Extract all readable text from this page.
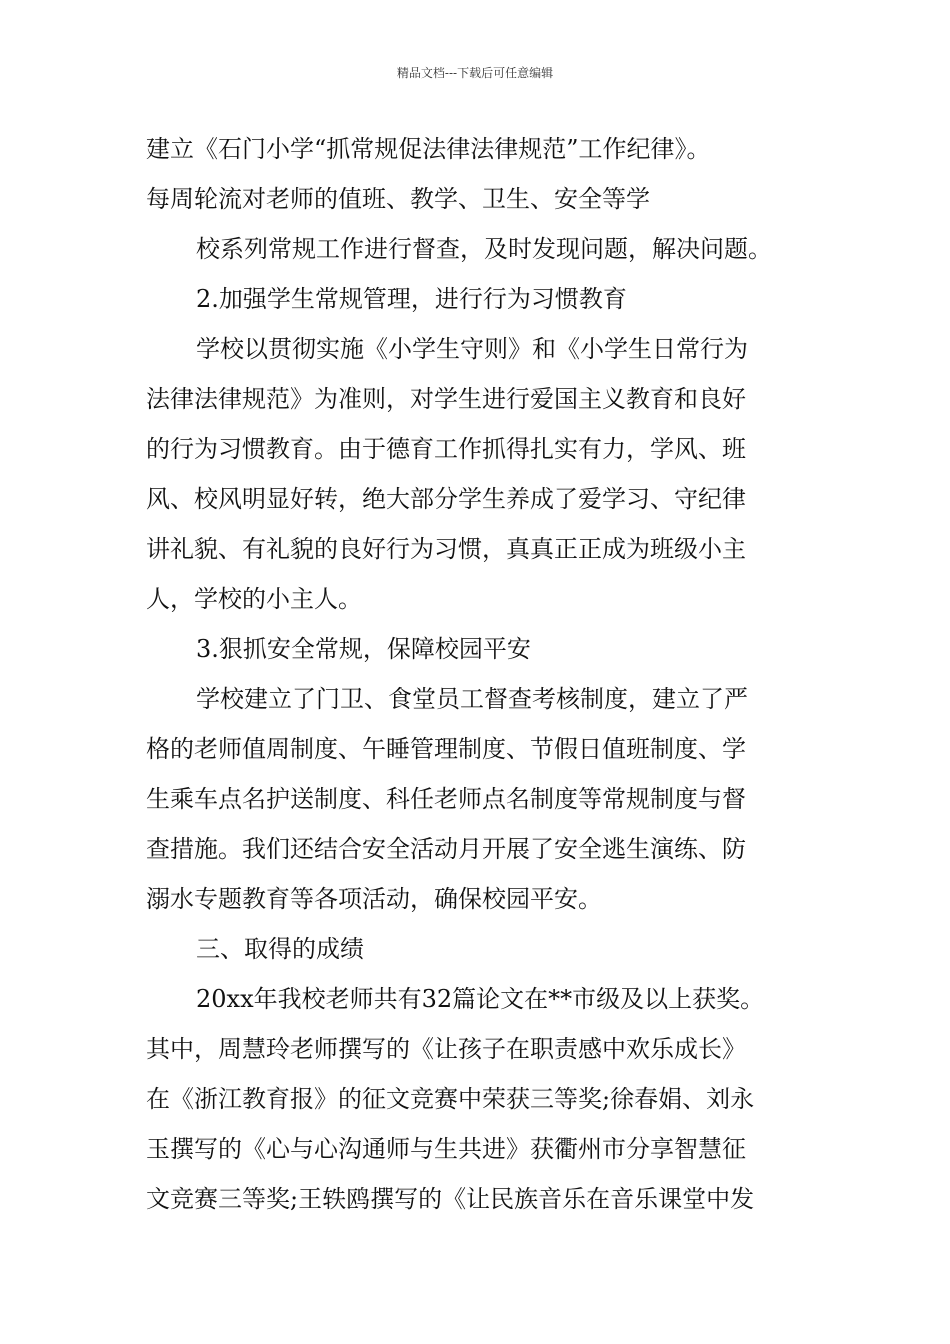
精品文档---下载后可任意编辑
建立《石门小学“抓常规促法律法律规范”工作纪律》。
每周轮流对老师的值班、教学、卫生、安全等学
校系列常规工作进行督查，及时发现问题，解决问题。
2.加强学生常规管理，进行行为习惯教育
学校以贯彻实施《小学生守则》和《小学生日常行为
法律法律规范》为准则，对学生进行爱国主义教育和良好
的行为习惯教育。由于德育工作抓得扎实有力，学风、班
风、校风明显好转，绝大部分学生养成了爱学习、守纪律
讲礼貌、有礼貌的良好行为习惯，真真正正成为班级小主
人，学校的小主人。
3.狠抓安全常规，保障校园平安
学校建立了门卫、食堂员工督查考核制度，建立了严
格的老师值周制度、午睡管理制度、节假日值班制度、学
生乘车点名护送制度、科任老师点名制度等常规制度与督
查措施。我们还结合安全活动月开展了安全逃生演练、防
溺水专题教育等各项活动，确保校园平安。
三、取得的成绩
20xx年我校老师共有32篇论文在**市级及以上获奖。
其中，周慧玲老师撰写的《让孩子在职责感中欢乐成长》
在《浙江教育报》的征文竞赛中荣获三等奖;徐春娟、刘永
玉撰写的《心与心沟通师与生共进》获衢州市分享智慧征
文竞赛三等奖;王轶鸥撰写的《让民族音乐在音乐课堂中发
